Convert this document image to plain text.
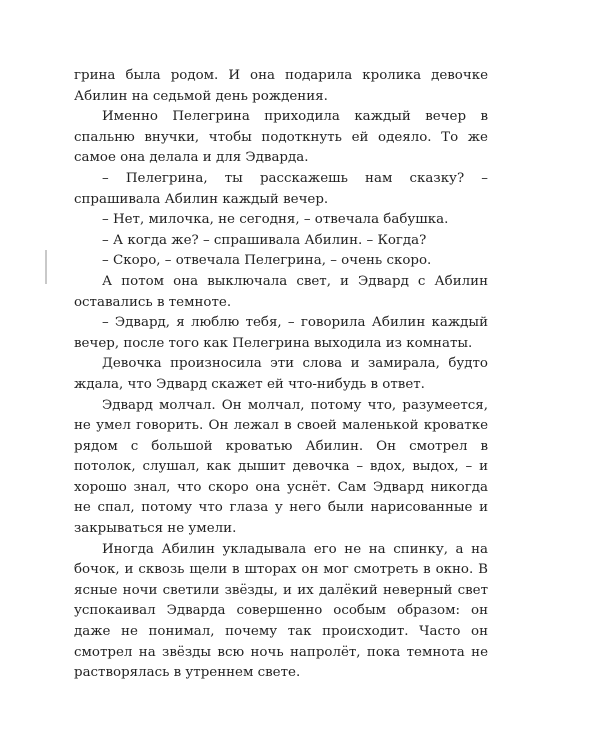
грина была родом. И она подарила кролика девочке Абилин на седьмой день рождения.

Именно Пелегрина приходила каждый вечер в спальню внучки, чтобы подоткнуть ей одеяло. То же самое она делала и для Эдварда.

– Пелегрина, ты расскажешь нам сказку? – спрашивала Абилин каждый вечер.

– Нет, милочка, не сегодня, – отвечала бабушка.

– А когда же? – спрашивала Абилин. – Когда?

– Скоро, – отвечала Пелегрина, – очень скоро.

А потом она выключала свет, и Эдвард с Абилин оставались в темноте.

– Эдвард, я люблю тебя, – говорила Абилин каждый вечер, после того как Пелегрина выходила из комнаты.

Девочка произносила эти слова и замирала, будто ждала, что Эдвард скажет ей что-нибудь в ответ.

Эдвард молчал. Он молчал, потому что, разумеется, не умел говорить. Он лежал в своей маленькой кроватке рядом с большой кроватью Абилин. Он смотрел в потолок, слушал, как дышит девочка – вдох, выдох, – и хорошо знал, что скоро она уснёт. Сам Эдвард никогда не спал, потому что глаза у него были нарисованные и закрываться не умели.

Иногда Абилин укладывала его не на спинку, а на бочок, и сквозь щели в шторах он мог смотреть в окно. В ясные ночи светили звёзды, и их далёкий неверный свет успокаивал Эдварда совершенно особым образом: он даже не понимал, почему так происходит. Часто он смотрел на звёзды всю ночь напролёт, пока темнота не растворялась в утреннем свете.
